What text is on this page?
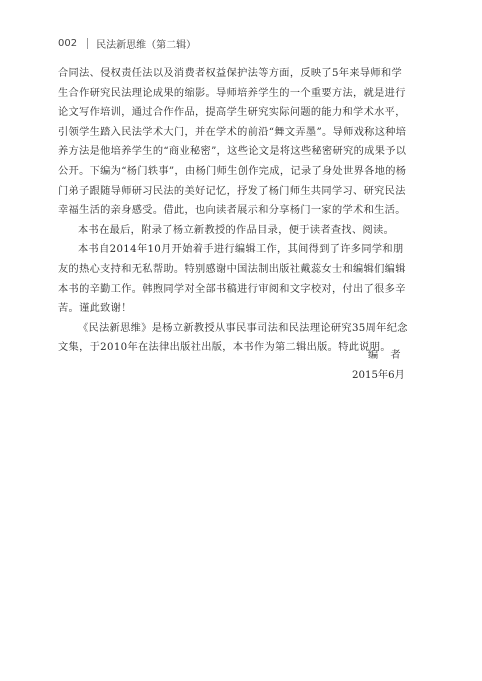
002 民法新思维（第二辑）
合同法、侵权责任法以及消费者权益保护法等方面，反映了5年来导师和学
生合作研究民法理论成果的缩影。导师培养学生的一个重要方法，就是进行
论文写作培训，通过合作作品，提高学生研究实际问题的能力和学术水平，
引领学生踏入民法学术大门，并在学术的前沿“舞文弄墨”。导师戏称这种培
养方法是他培养学生的“商业秘密”，这些论文是将这些秘密研究的成果予以
公开。下编为“杨门轶事”，由杨门师生创作完成，记录了身处世界各地的杨
门弟子跟随导师研习民法的美好记忆，抒发了杨门师生共同学习、研究民法
幸福生活的亲身感受。借此，也向读者展示和分享杨门一家的学术和生活。
本书在最后，附录了杨立新教授的作品目录，便于读者查找、阅读。
本书自2014年10月开始着手进行编辑工作，其间得到了许多同学和朋
友的热心支持和无私帮助。特别感谢中国法制出版社戴蕊女士和编辑们编辑
本书的辛勤工作。韩煦同学对全部书稿进行审阅和文字校对，付出了很多辛
苦。谨此致谢！
《民法新思维》是杨立新教授从事民事司法和民法理论研究35周年纪念
文集，于2010年在法律出版社出版，本书作为第二辑出版。特此说明。
编　者
2015年6月
